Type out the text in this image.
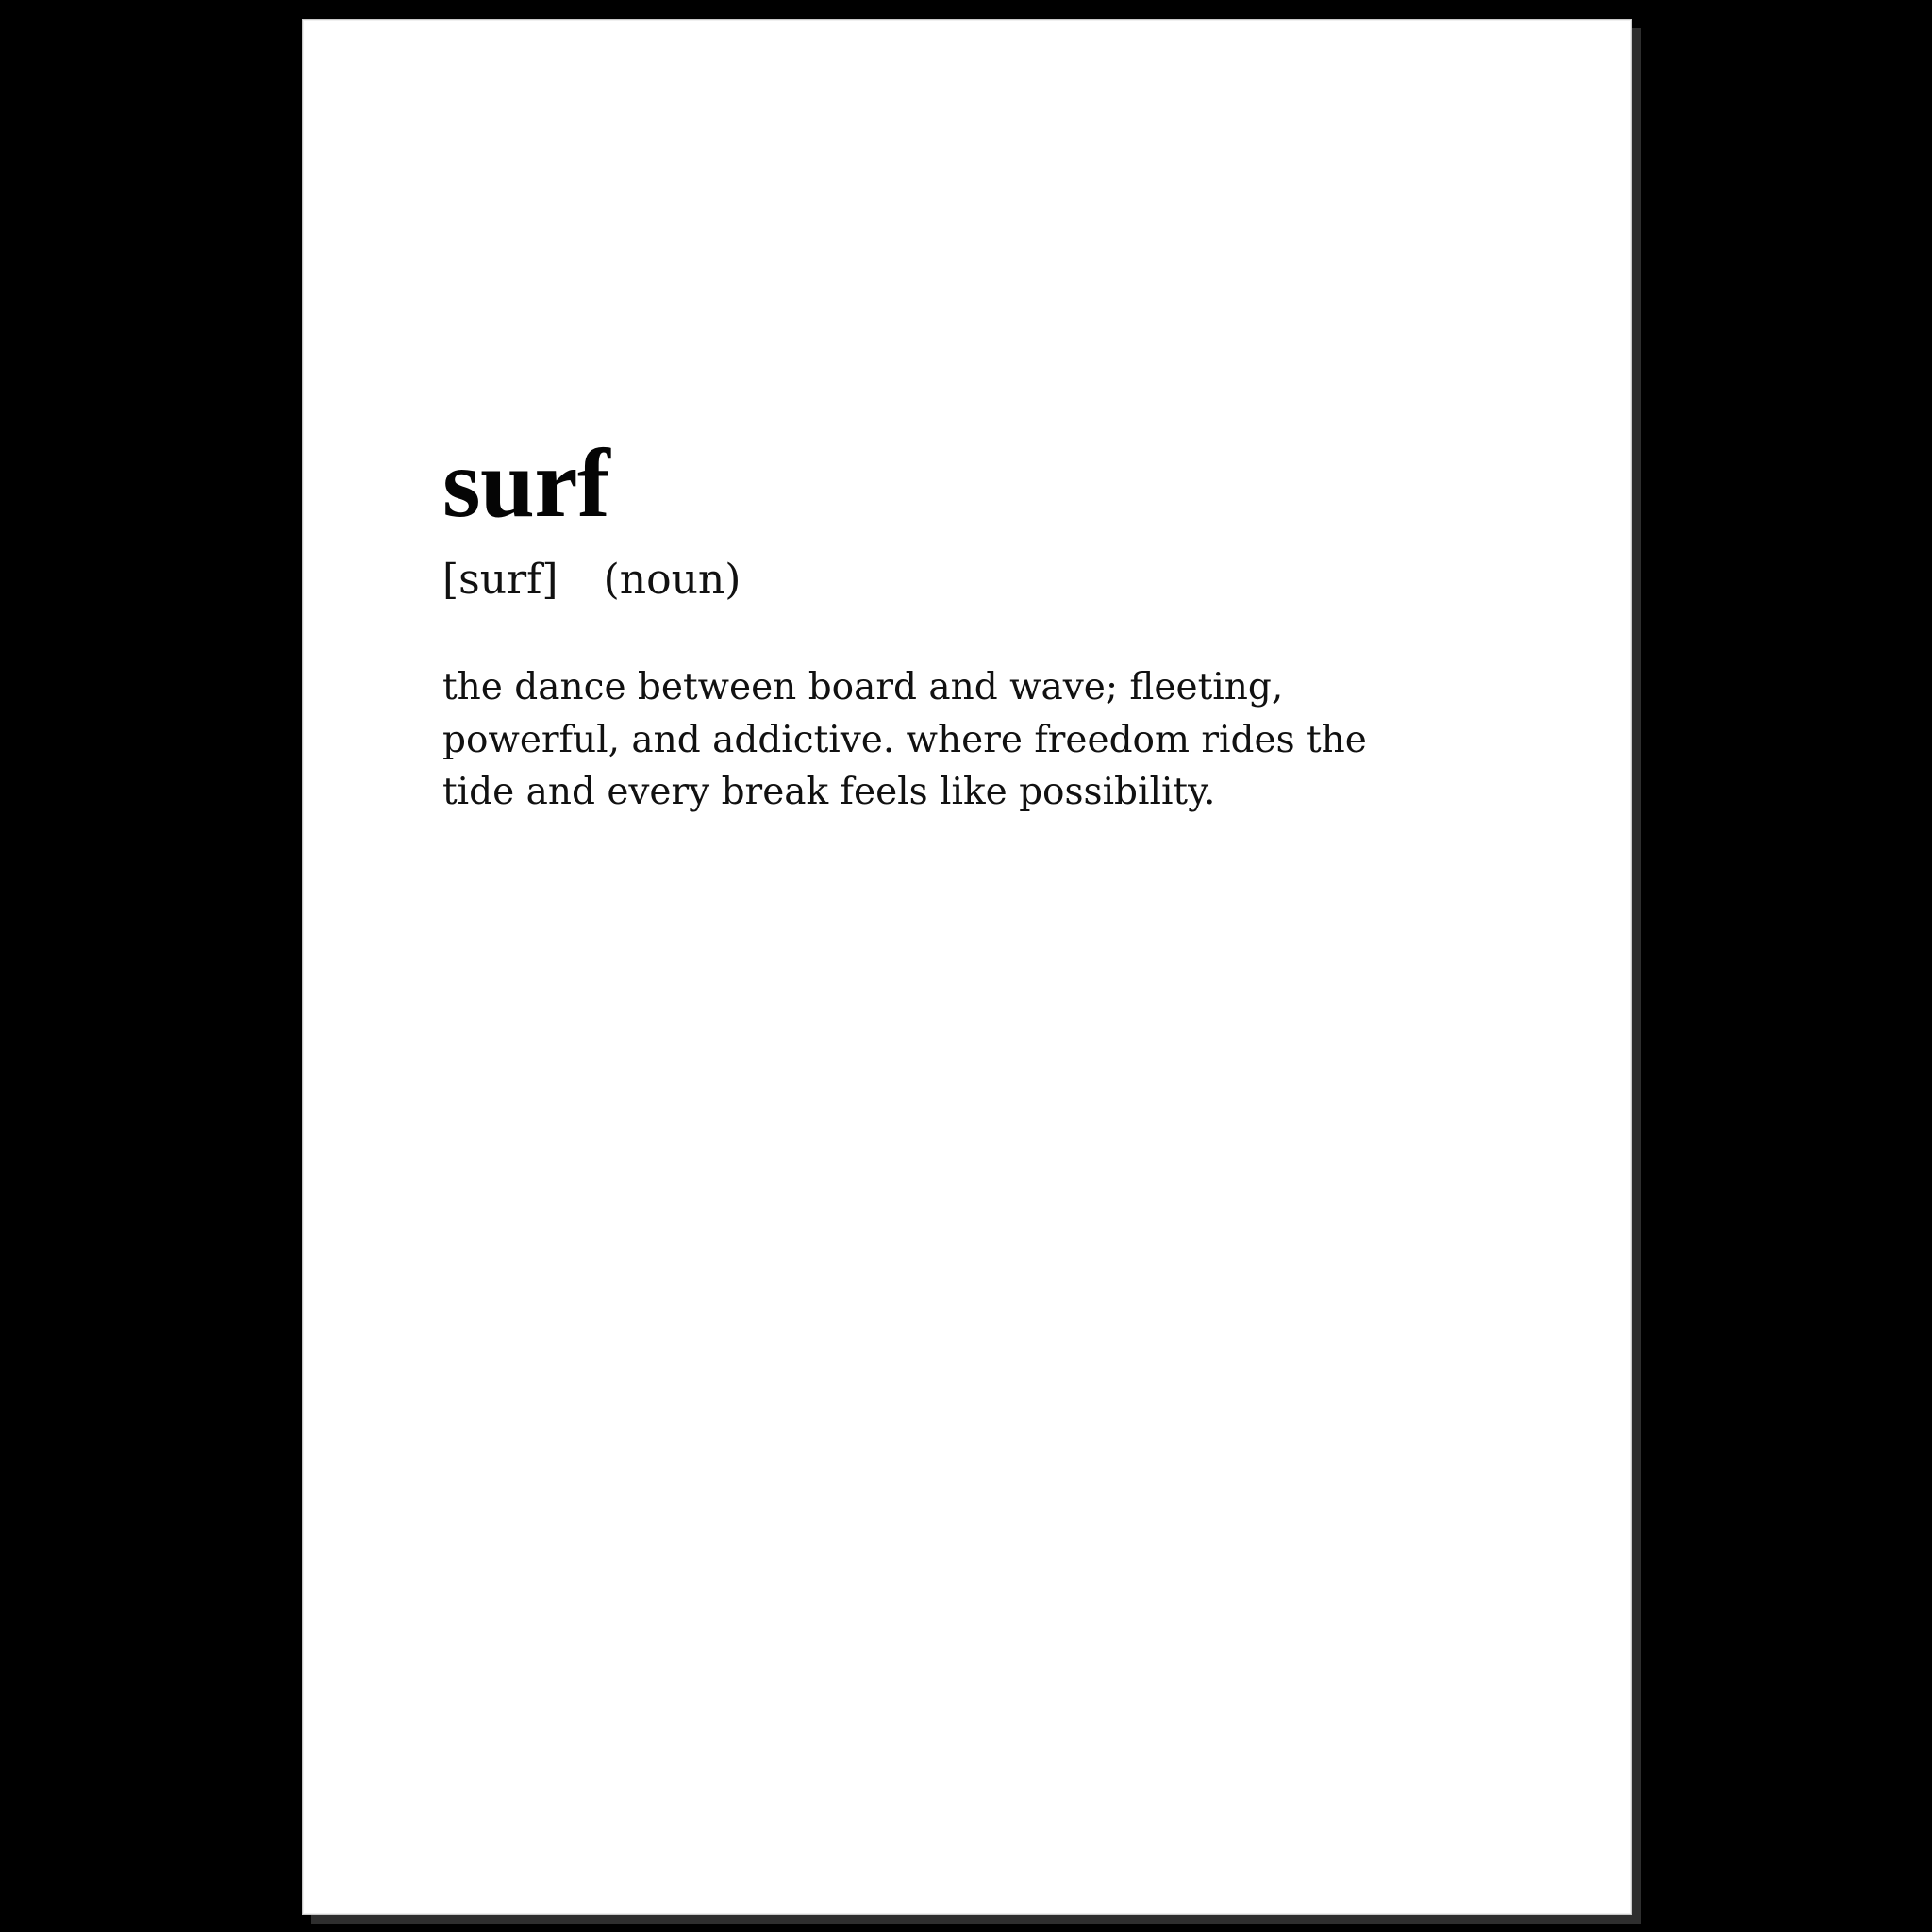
surf
[surf] (noun)

the dance between board and wave; fleeting, powerful, and addictive. where freedom rides the tide and every break feels like possibility.
